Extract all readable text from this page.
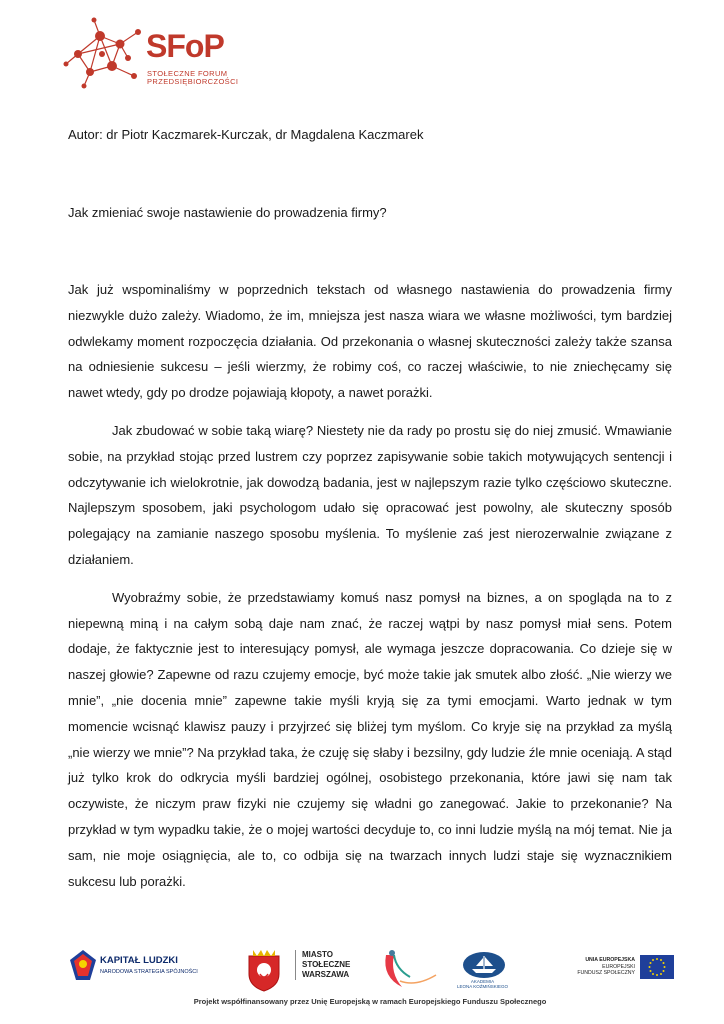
SFoP
STOŁECZNE FORUM
PRZEDSIĘBIORCZOŚCI
Autor: dr Piotr Kaczmarek-Kurczak, dr Magdalena Kaczmarek
Jak zmieniać swoje nastawienie do prowadzenia firmy?

Jak już wspominaliśmy w poprzednich tekstach od własnego nastawienia do prowadzenia firmy niezwykle dużo zależy. Wiadomo, że im, mniejsza jest nasza wiara we własne możliwości, tym bardziej odwlekamy moment rozpoczęcia działania. Od przekonania o własnej skuteczności zależy także szansa na odniesienie sukcesu – jeśli wierzmy, że robimy coś, co raczej właściwie, to nie zniechęcamy się nawet wtedy, gdy po drodze pojawiają kłopoty, a nawet porażki.

Jak zbudować w sobie taką wiarę? Niestety nie da rady po prostu się do niej zmusić. Wmawianie sobie, na przykład stojąc przed lustrem czy poprzez zapisywanie sobie takich motywujących sentencji i odczytywanie ich wielokrotnie, jak dowodzą badania, jest w najlepszym razie tylko częściowo skuteczne. Najlepszym sposobem, jaki psychologom udało się opracować jest powolny, ale skuteczny sposób polegający na zamianie naszego sposobu myślenia. To myślenie zaś jest nierozerwalnie związane z działaniem.

Wyobraźmy sobie, że przedstawiamy komuś nasz pomysł na biznes, a on spogląda na to z niepewną miną i na całym sobą daje nam znać, że raczej wątpi by nasz pomysł miał sens. Potem dodaje, że faktycznie jest to interesujący pomysł, ale wymaga jeszcze dopracowania. Co dzieje się w naszej głowie? Zapewne od razu czujemy emocje, być może takie jak smutek albo złość. „Nie wierzy we mnie”, „nie docenia mnie” zapewne takie myśli kryją się za tymi emocjami. Warto jednak w tym momencie wcisnąć klawisz pauzy i przyjrzeć się bliżej tym myślom. Co kryje się na przykład za myślą „nie wierzy we mnie”? Na przykład taka, że czuję się słaby i bezsilny, gdy ludzie źle mnie oceniają. A stąd już tylko krok do odkrycia myśli bardziej ogólnej, osobistego przekonania, które jawi się nam tak oczywiste, że niczym praw fizyki nie czujemy się władni go zanegować. Jakie to przekonanie? Na przykład w tym wypadku takie, że o mojej wartości decyduje to, co inni ludzie myślą na mój temat. Nie ja sam, nie moje osiągnięcia, ale to, co odbija się na twarzach innych ludzi staje się wyznacznikiem sukcesu lub porażki.

KAPITAŁ LUDZKI
NARODOWA STRATEGIA SPÓJNOŚCI
MIASTO
STOŁECZNE
WARSZAWA
AKADEMIA
LEONA KOŹMIŃSKIEGO
UNIA EUROPEJSKA
EUROPEJSKI
FUNDUSZ SPOŁECZNY
Projekt współfinansowany przez Unię Europejską w ramach Europejskiego Funduszu Społecznego
